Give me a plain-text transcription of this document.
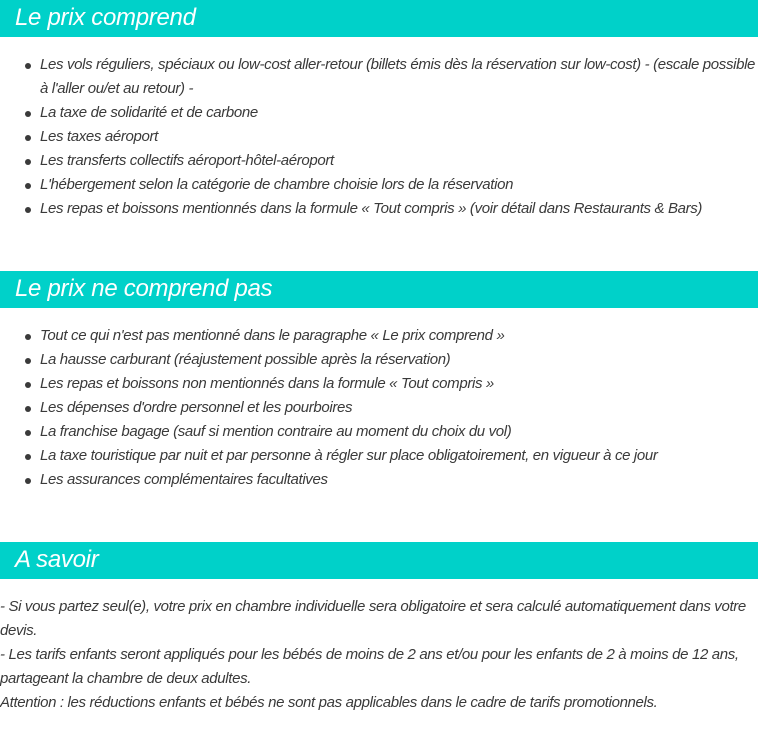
Le prix comprend
Les vols réguliers, spéciaux ou low-cost aller-retour (billets émis dès la réservation sur low-cost) - (escale possible à l'aller ou/et au retour) -
La taxe de solidarité et de carbone
Les taxes aéroport
Les transferts collectifs aéroport-hôtel-aéroport
L'hébergement selon la catégorie de chambre choisie lors de la réservation
Les repas et boissons mentionnés dans la formule « Tout compris » (voir détail dans Restaurants & Bars)
Le prix ne comprend pas
Tout ce qui n'est pas mentionné dans le paragraphe « Le prix comprend »
La hausse carburant (réajustement possible après la réservation)
Les repas et boissons non mentionnés dans la formule « Tout compris »
Les dépenses d'ordre personnel et les pourboires
La franchise bagage (sauf si mention contraire au moment du choix du vol)
La taxe touristique par nuit et par personne à régler sur place obligatoirement, en vigueur à ce jour
Les assurances complémentaires facultatives
A savoir

- Si vous partez seul(e), votre prix en chambre individuelle sera obligatoire et sera calculé automatiquement dans votre devis.

- Les tarifs enfants seront appliqués pour les bébés de moins de 2 ans et/ou pour les enfants de 2 à moins de 12 ans, partageant la chambre de deux adultes.

Attention : les réductions enfants et bébés ne sont pas applicables dans le cadre de tarifs promotionnels.
